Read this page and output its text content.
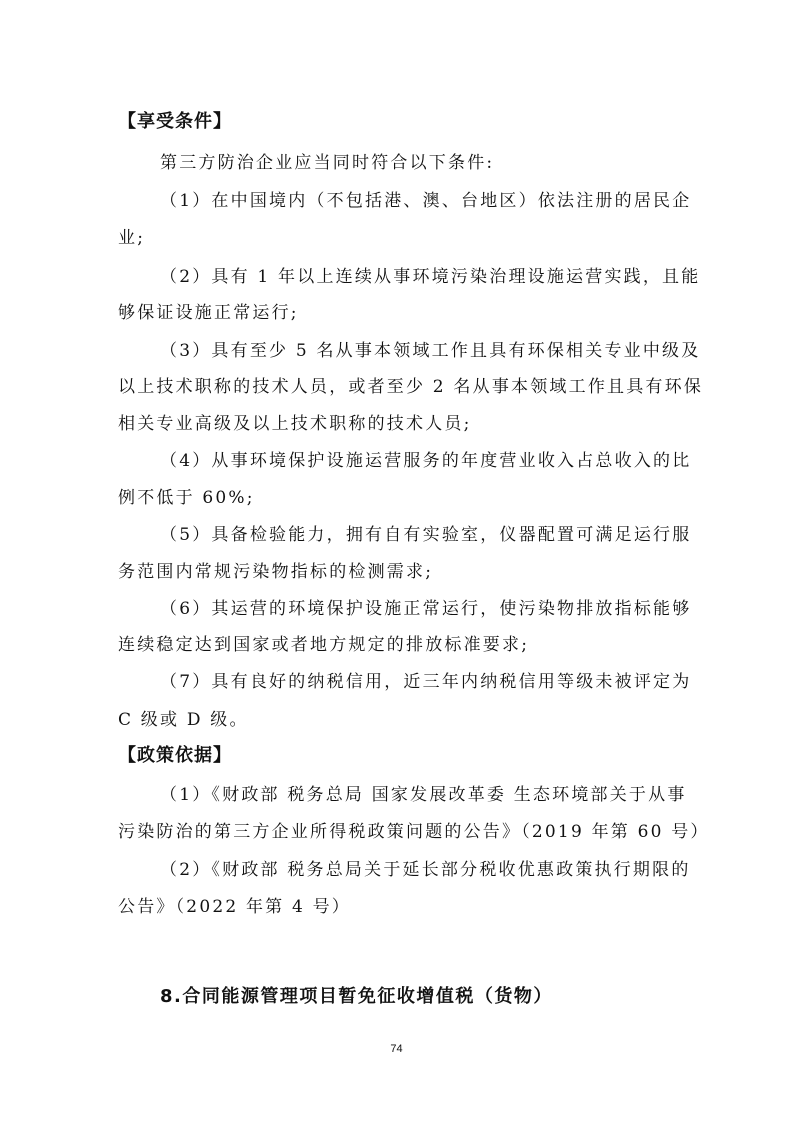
【享受条件】
第三方防治企业应当同时符合以下条件:
（1）在中国境内（不包括港、澳、台地区）依法注册的居民企
业;
（2）具有 1 年以上连续从事环境污染治理设施运营实践，且能
够保证设施正常运行;
（3）具有至少 5 名从事本领域工作且具有环保相关专业中级及
以上技术职称的技术人员，或者至少 2 名从事本领域工作且具有环保
相关专业高级及以上技术职称的技术人员;
（4）从事环境保护设施运营服务的年度营业收入占总收入的比
例不低于 60%;
（5）具备检验能力，拥有自有实验室，仪器配置可满足运行服
务范围内常规污染物指标的检测需求;
（6）其运营的环境保护设施正常运行，使污染物排放指标能够
连续稳定达到国家或者地方规定的排放标准要求;
（7）具有良好的纳税信用，近三年内纳税信用等级未被评定为
C 级或 D 级。
【政策依据】
（1）《财政部 税务总局 国家发展改革委 生态环境部关于从事
污染防治的第三方企业所得税政策问题的公告》（2019 年第 60 号）
（2）《财政部 税务总局关于延长部分税收优惠政策执行期限的
公告》（2022 年第 4 号）
8.合同能源管理项目暂免征收增值税（货物）
74
